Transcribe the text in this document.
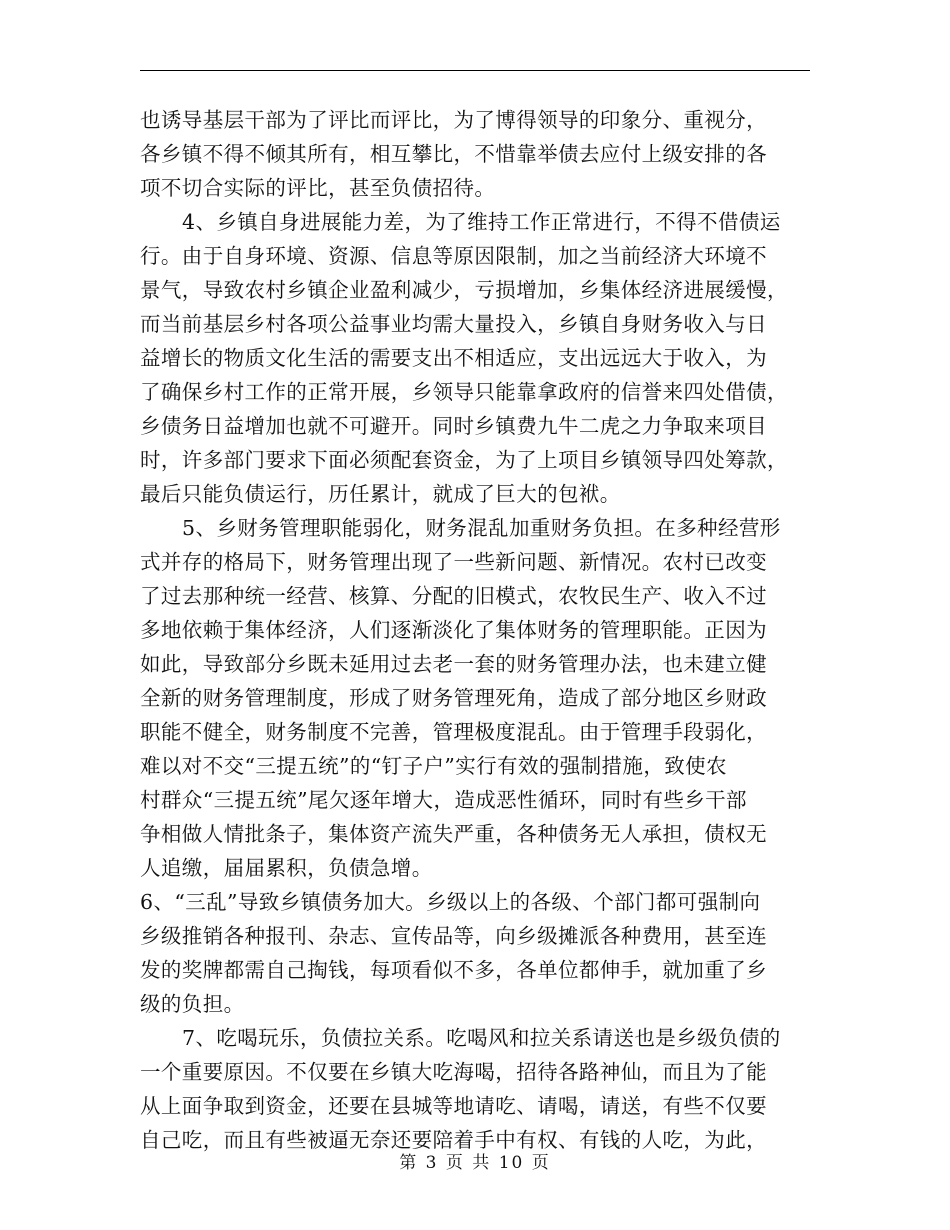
也诱导基层干部为了评比而评比，为了博得领导的印象分、重视分，
各乡镇不得不倾其所有，相互攀比，不惜靠举债去应付上级安排的各
项不切合实际的评比，甚至负债招待。
4、乡镇自身进展能力差，为了维持工作正常进行，不得不借债运
行。由于自身环境、资源、信息等原因限制，加之当前经济大环境不
景气，导致农村乡镇企业盈利减少，亏损增加，乡集体经济进展缓慢，
而当前基层乡村各项公益事业均需大量投入，乡镇自身财务收入与日
益增长的物质文化生活的需要支出不相适应，支出远远大于收入，为
了确保乡村工作的正常开展，乡领导只能靠拿政府的信誉来四处借债，
乡债务日益增加也就不可避开。同时乡镇费九牛二虎之力争取来项目
时，许多部门要求下面必须配套资金，为了上项目乡镇领导四处筹款，
最后只能负债运行，历任累计，就成了巨大的包袱。
5、乡财务管理职能弱化，财务混乱加重财务负担。在多种经营形
式并存的格局下，财务管理出现了一些新问题、新情况。农村已改变
了过去那种统一经营、核算、分配的旧模式，农牧民生产、收入不过
多地依赖于集体经济，人们逐渐淡化了集体财务的管理职能。正因为
如此，导致部分乡既未延用过去老一套的财务管理办法，也未建立健
全新的财务管理制度，形成了财务管理死角，造成了部分地区乡财政
职能不健全，财务制度不完善，管理极度混乱。由于管理手段弱化，
难以对不交“三提五统”的“钉子户”实行有效的强制措施，致使农
村群众“三提五统”尾欠逐年增大，造成恶性循环，同时有些乡干部
争相做人情批条子，集体资产流失严重，各种债务无人承担，债权无
人追缴，届届累积，负债急增。
6、“三乱”导致乡镇债务加大。乡级以上的各级、个部门都可强制向
乡级推销各种报刊、杂志、宣传品等，向乡级摊派各种费用，甚至连
发的奖牌都需自己掏钱，每项看似不多，各单位都伸手，就加重了乡
级的负担。
7、吃喝玩乐，负债拉关系。吃喝风和拉关系请送也是乡级负债的
一个重要原因。不仅要在乡镇大吃海喝，招待各路神仙，而且为了能
从上面争取到资金，还要在县城等地请吃、请喝，请送，有些不仅要
自己吃，而且有些被逼无奈还要陪着手中有权、有钱的人吃，为此，
第 3 页 共 10 页
